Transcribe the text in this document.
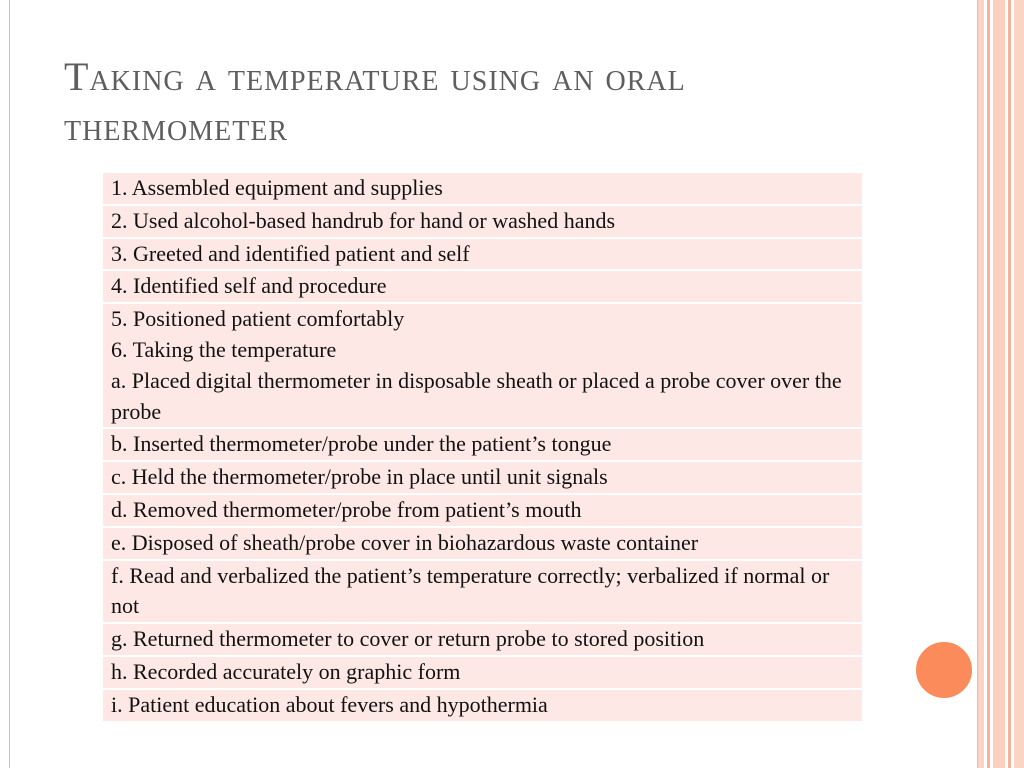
Taking a temperature using an oral thermometer
1. Assembled equipment and supplies

2. Used alcohol-based handrub for hand or washed hands

3. Greeted and identified patient and self

4. Identified self and procedure

5. Positioned patient comfortably
6. Taking the temperature
a. Placed digital thermometer in disposable sheath or placed a probe cover over the probe

b. Inserted thermometer/probe under the patient’s tongue

c. Held the thermometer/probe in place until unit signals

d. Removed thermometer/probe from patient’s mouth

e. Disposed of sheath/probe cover in biohazardous waste container

f. Read and verbalized the patient’s temperature correctly; verbalized if normal or not

g. Returned thermometer to cover or return probe to stored position

h. Recorded accurately on graphic form

i. Patient education about fevers and hypothermia
